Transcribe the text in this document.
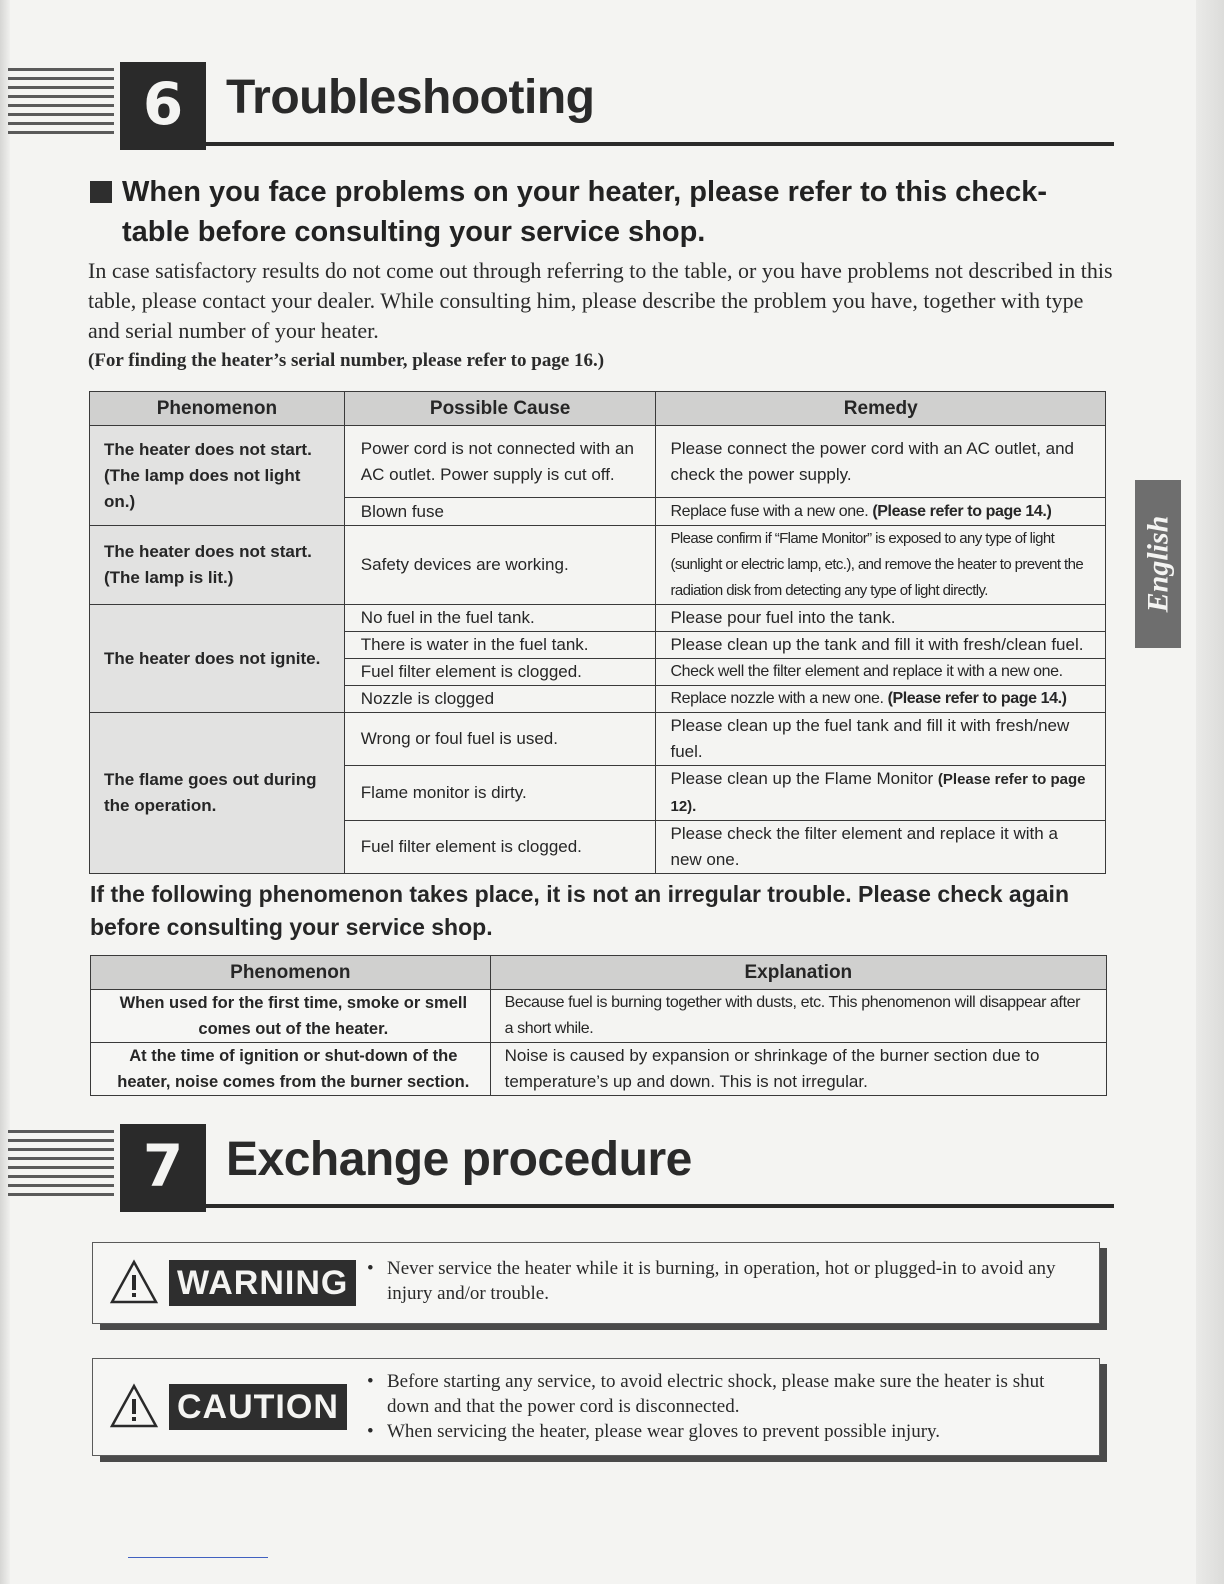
6 Troubleshooting
When you face problems on your heater, please refer to this check-table before consulting your service shop.
In case satisfactory results do not come out through referring to the table, or you have problems not described in this table, please contact your dealer. While consulting him, please describe the problem you have, together with type and serial number of your heater.
(For finding the heater’s serial number, please refer to page 16.)
Phenomenon	Possible Cause	Remedy
The heater does not start. (The lamp does not light on.)	Power cord is not connected with an AC outlet. Power supply is cut off.	Please connect the power cord with an AC outlet, and check the power supply.
	Blown fuse	Replace fuse with a new one. (Please refer to page 14.)
The heater does not start. (The lamp is lit.)	Safety devices are working.	Please confirm if “Flame Monitor” is exposed to any type of light (sunlight or electric lamp, etc.), and remove the heater to prevent the radiation disk from detecting any type of light directly.
The heater does not ignite.	No fuel in the fuel tank.	Please pour fuel into the tank.
	There is water in the fuel tank.	Please clean up the tank and fill it with fresh/clean fuel.
	Fuel filter element is clogged.	Check well the filter element and replace it with a new one.
	Nozzle is clogged	Replace nozzle with a new one. (Please refer to page 14.)
The flame goes out during the operation.	Wrong or foul fuel is used.	Please clean up the fuel tank and fill it with fresh/new fuel.
	Flame monitor is dirty.	Please clean up the Flame Monitor (Please refer to page 12).
	Fuel filter element is clogged.	Please check the filter element and replace it with a new one.
If the following phenomenon takes place, it is not an irregular trouble. Please check again before consulting your service shop.
Phenomenon	Explanation
When used for the first time, smoke or smell comes out of the heater.	Because fuel is burning together with dusts, etc. This phenomenon will disappear after a short while.
At the time of ignition or shut-down of the heater, noise comes from the burner section.	Noise is caused by expansion or shrinkage of the burner section due to temperature’s up and down. This is not irregular.
7 Exchange procedure
WARNING	• Never service the heater while it is burning, in operation, hot or plugged-in to avoid any injury and/or trouble.
CAUTION
• Before starting any service, to avoid electric shock, please make sure the heater is shut down and that the power cord is disconnected.
• When servicing the heater, please wear gloves to prevent possible injury.
English
